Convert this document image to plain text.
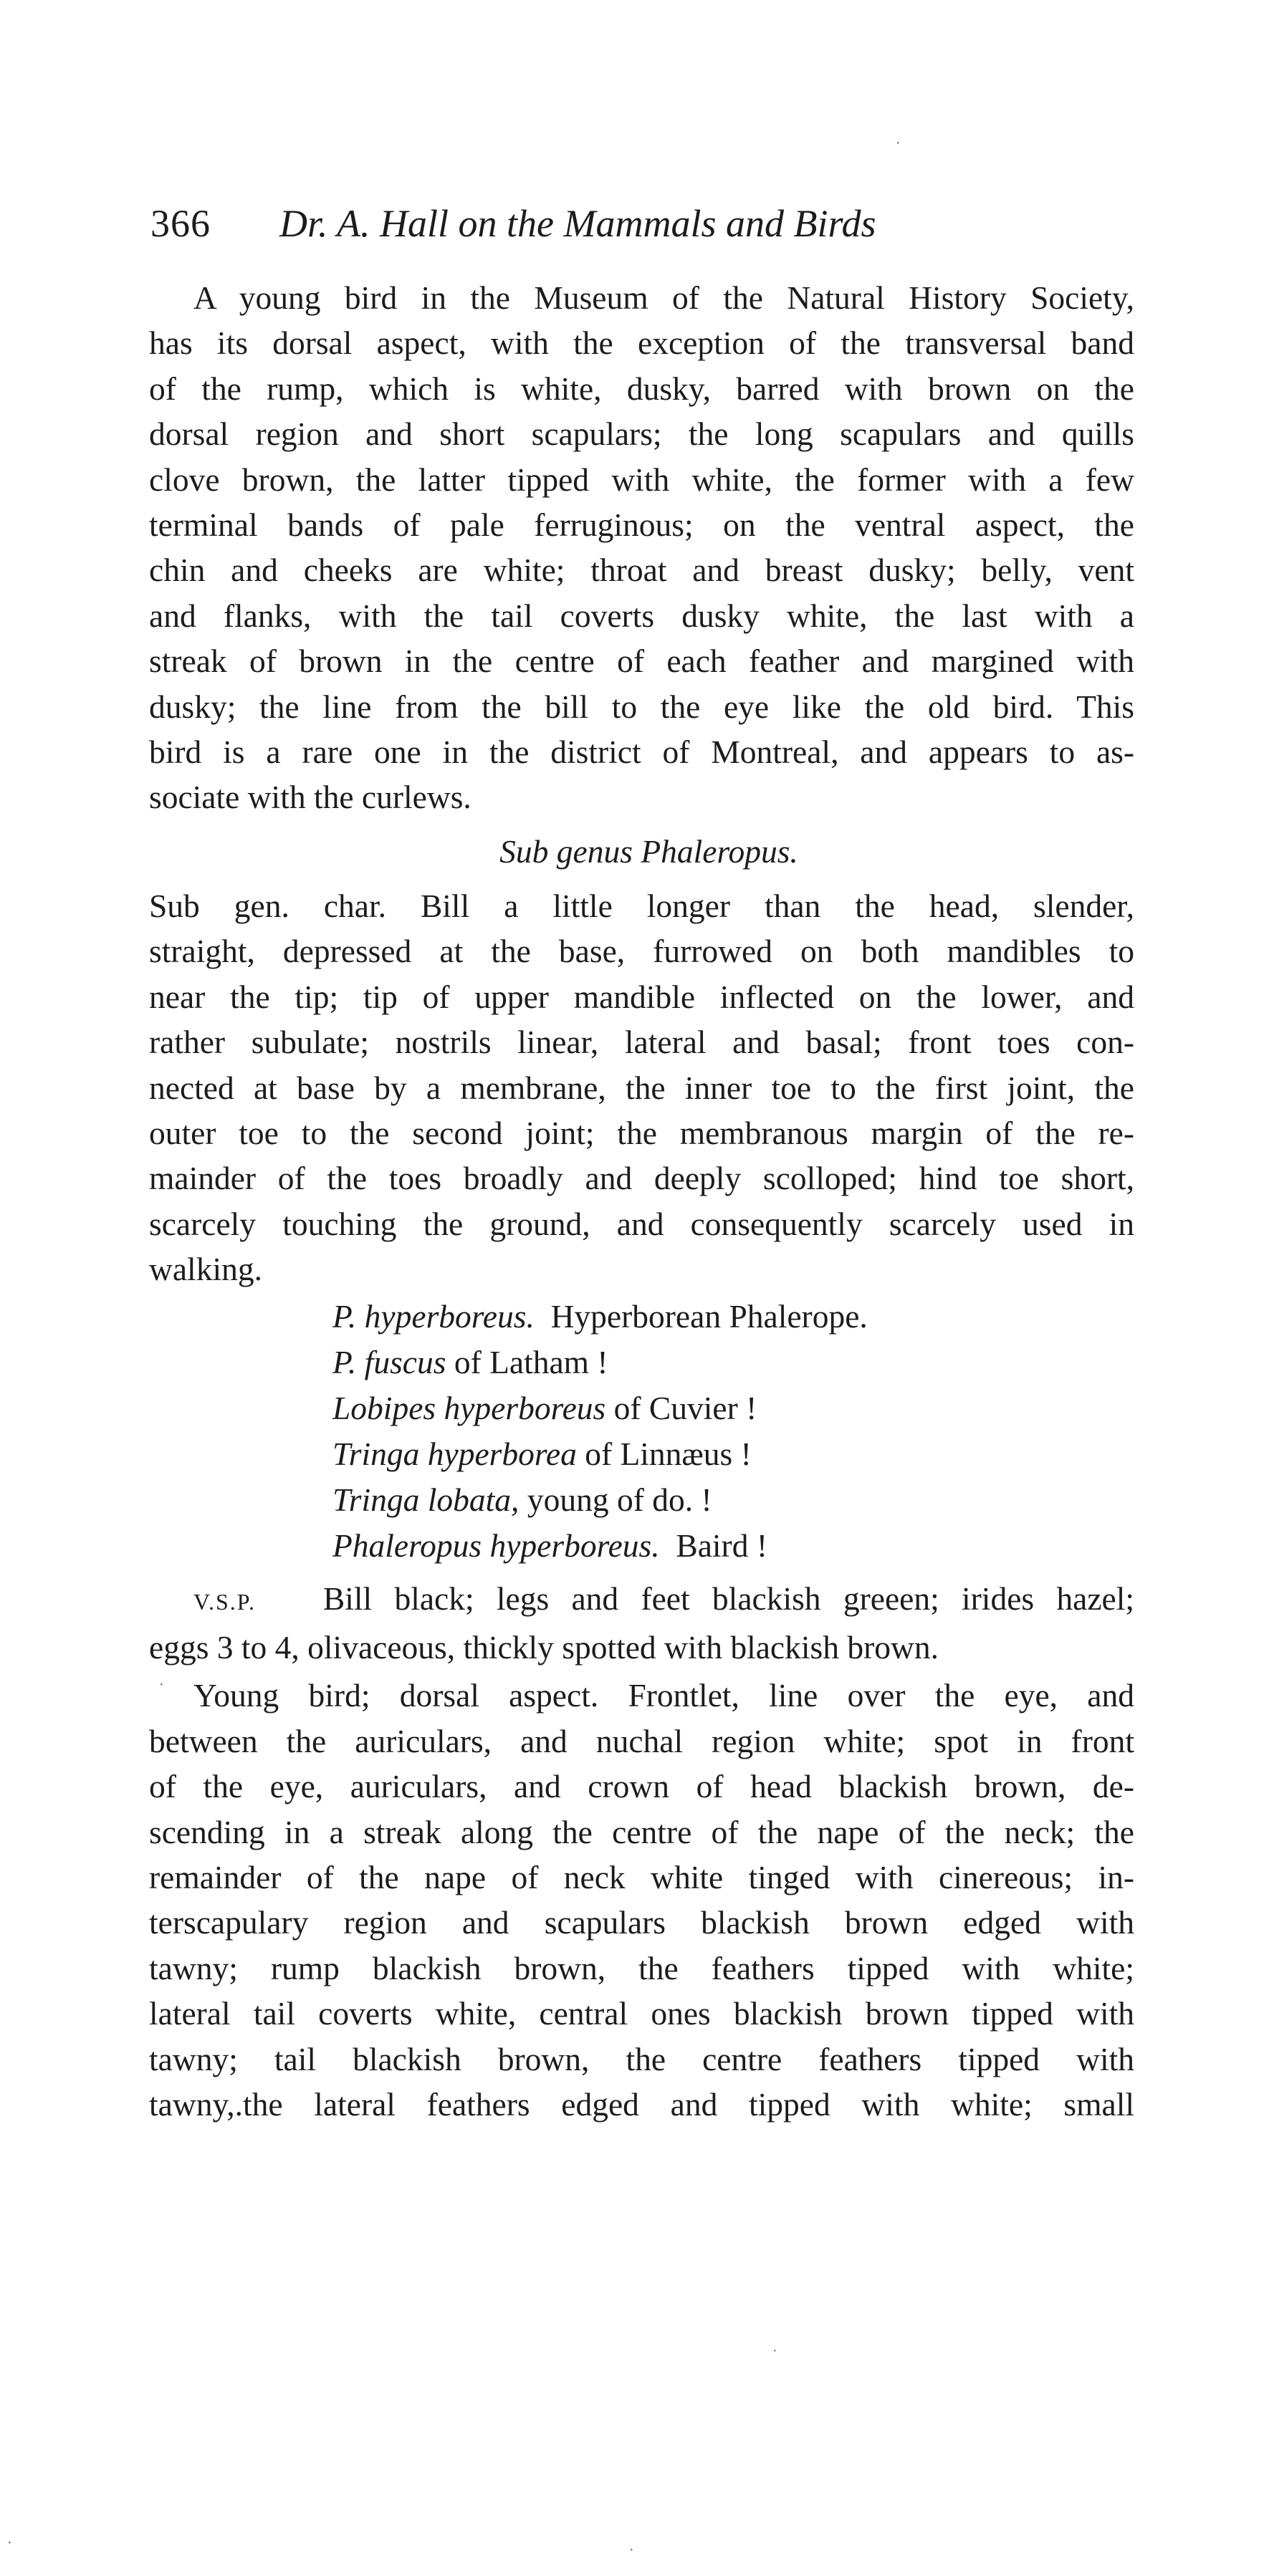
366 Dr. A. Hall on the Mammals and Birds

A young bird in the Museum of the Natural History Society,
has its dorsal aspect, with the exception of the transversal band
of the rump, which is white, dusky, barred with brown on the
dorsal region and short scapulars; the long scapulars and quills
clove brown, the latter tipped with white, the former with a few
terminal bands of pale ferruginous; on the ventral aspect, the
chin and cheeks are white; throat and breast dusky; belly, vent
and flanks, with the tail coverts dusky white, the last with a
streak of brown in the centre of each feather and margined with
dusky; the line from the bill to the eye like the old bird. This
bird is a rare one in the district of Montreal, and appears to as-
sociate with the curlews.

Sub genus Phaleropus.

Sub gen. char. Bill a little longer than the head, slender,
straight, depressed at the base, furrowed on both mandibles to
near the tip; tip of upper mandible inflected on the lower, and
rather subulate; nostrils linear, lateral and basal; front toes con-
nected at base by a membrane, the inner toe to the first joint, the
outer toe to the second joint; the membranous margin of the re-
mainder of the toes broadly and deeply scolloped; hind toe short,
scarcely touching the ground, and consequently scarcely used in
walking.

P. hyperboreus.  Hyperborean Phalerope.
P. fuscus of Latham !
Lobipes hyperboreus of Cuvier !
Tringa hyperborea of Linnæus !
Tringa lobata, young of do. !
Phaleropus hyperboreus.  Baird !

V.S.P. Bill black; legs and feet blackish greeen; irides hazel;
eggs 3 to 4, olivaceous, thickly spotted with blackish brown.

Young bird; dorsal aspect. Frontlet, line over the eye, and
between the auriculars, and nuchal region white; spot in front
of the eye, auriculars, and crown of head blackish brown, de-
scending in a streak along the centre of the nape of the neck; the
remainder of the nape of neck white tinged with cinereous; in-
terscapulary region and scapulars blackish brown edged with
tawny; rump blackish brown, the feathers tipped with white;
lateral tail coverts white, central ones blackish brown tipped with
tawny; tail blackish brown, the centre feathers tipped with
tawny,.the lateral feathers edged and tipped with white; small

·
·
·
·
·
